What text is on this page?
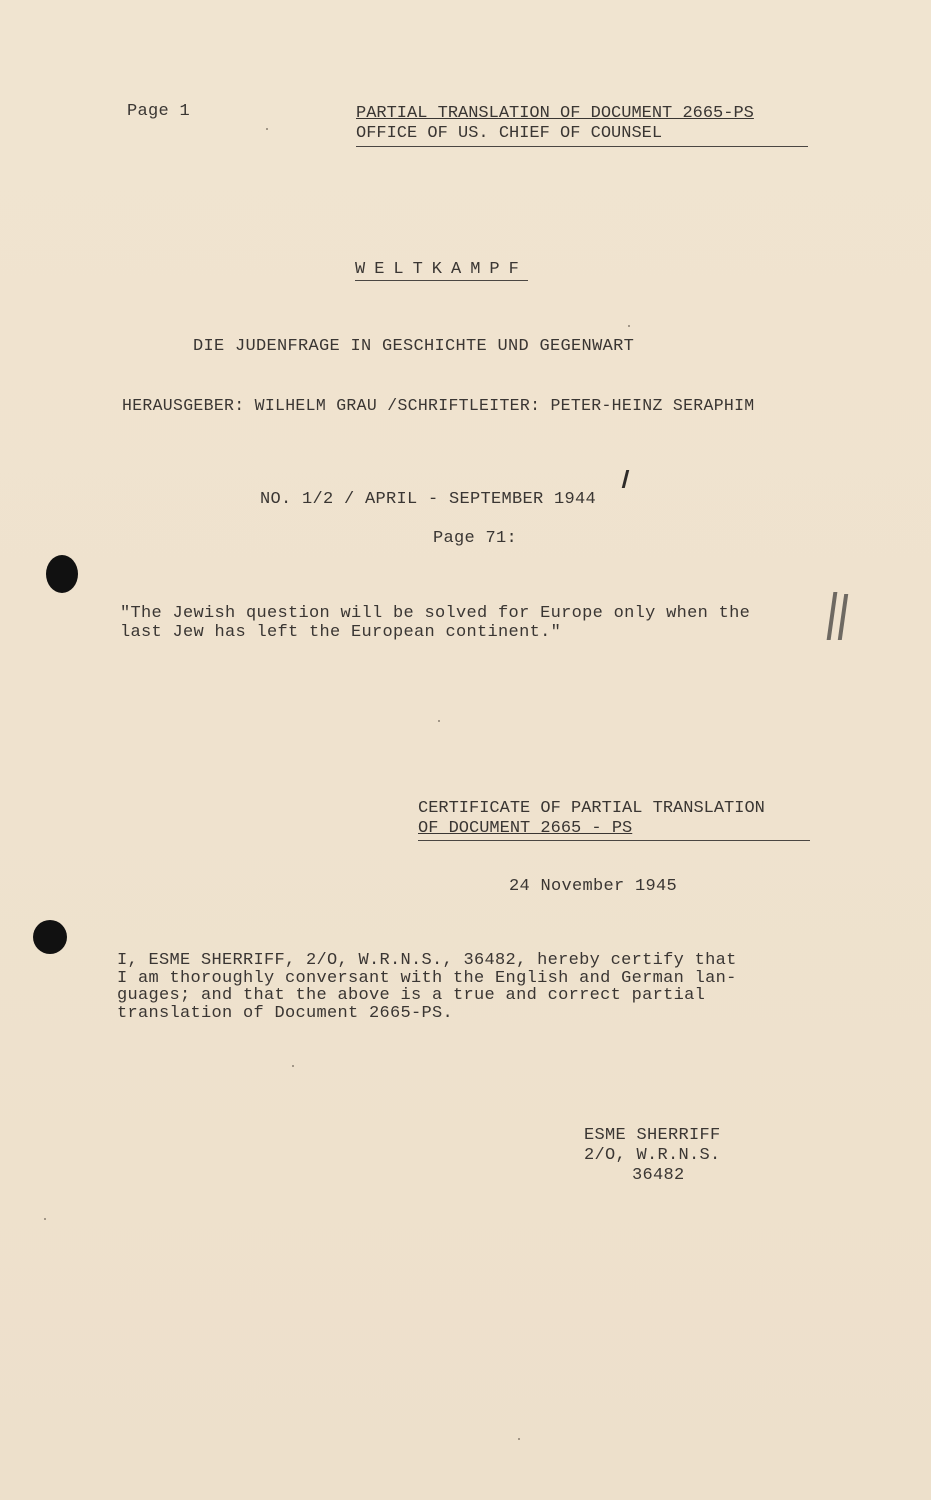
Page 1	PARTIAL TRANSLATION OF DOCUMENT 2665-PS
OFFICE OF US. CHIEF OF COUNSEL
WELTKAMPF
DIE JUDENFRAGE IN GESCHICHTE UND GEGENWART
HERAUSGEBER: WILHELM GRAU /SCHRIFTLEITER: PETER-HEINZ SERAPHIM
NO. 1/2 / APRIL - SEPTEMBER 1944
Page 71:
"The Jewish question will be solved for Europe only when the
last Jew has left the European continent."
CERTIFICATE OF PARTIAL TRANSLATION
OF DOCUMENT 2665 - PS
24 November 1945
I, ESME SHERRIFF, 2/O, W.R.N.S., 36482, hereby certify that
I am thoroughly conversant with the English and German lan-
guages; and that the above is a true and correct partial
translation of Document 2665-PS.
ESME SHERRIFF
2/O, W.R.N.S.
36482
